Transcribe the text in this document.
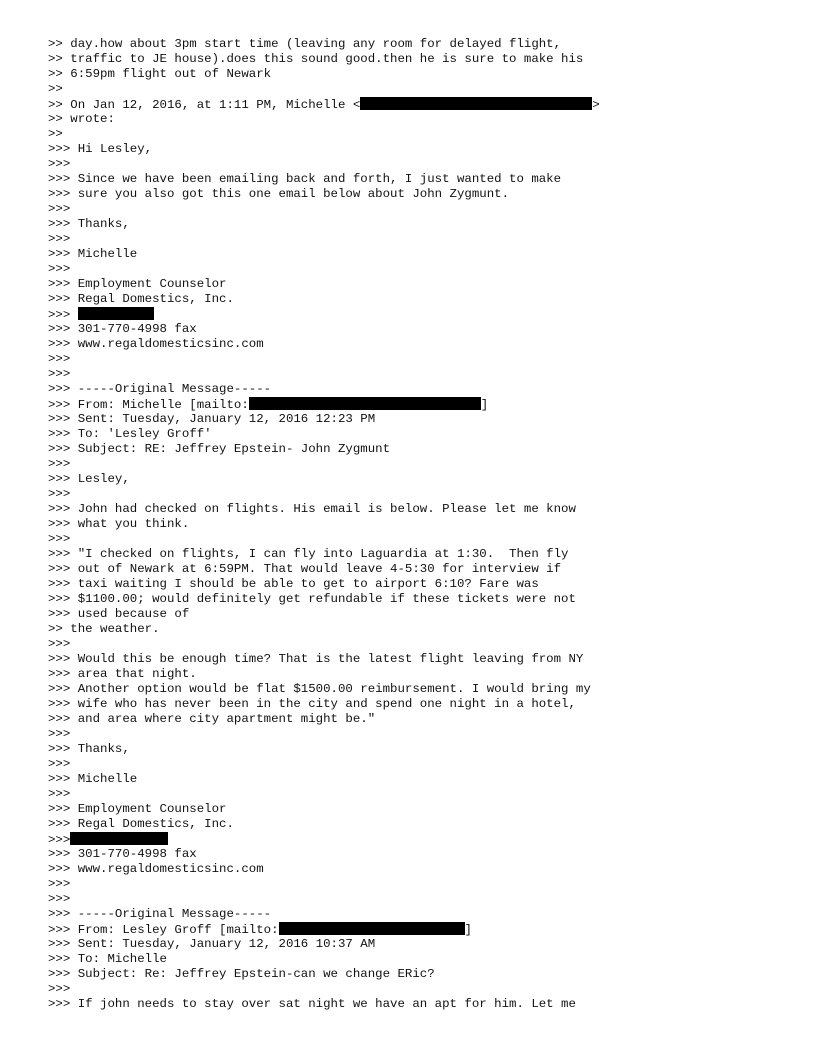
>> day.how about 3pm start time (leaving any room for delayed flight,
>> traffic to JE house).does this sound good.then he is sure to make his
>> 6:59pm flight out of Newark
>>
>> On Jan 12, 2016, at 1:11 PM, Michelle <	>
>> wrote:
>>
>>> Hi Lesley,
>>>
>>> Since we have been emailing back and forth, I just wanted to make
>>> sure you also got this one email below about John Zygmunt.
>>>
>>> Thanks,
>>>
>>> Michelle
>>>
>>> Employment Counselor
>>> Regal Domestics, Inc.
>>>
>>> 301-770-4998 fax
>>> www.regaldomesticsinc.com
>>>
>>>
>>> -----Original Message-----
>>> From: Michelle [mailto:	]
>>> Sent: Tuesday, January 12, 2016 12:23 PM
>>> To: 'Lesley Groff'
>>> Subject: RE: Jeffrey Epstein- John Zygmunt
>>>
>>> Lesley,
>>>
>>> John had checked on flights. His email is below. Please let me know
>>> what you think.
>>>
>>> "I checked on flights, I can fly into Laguardia at 1:30.  Then fly
>>> out of Newark at 6:59PM. That would leave 4-5:30 for interview if
>>> taxi waiting I should be able to get to airport 6:10? Fare was
>>> $1100.00; would definitely get refundable if these tickets were not
>>> used because of
>> the weather.
>>>
>>> Would this be enough time? That is the latest flight leaving from NY
>>> area that night.
>>> Another option would be flat $1500.00 reimbursement. I would bring my
>>> wife who has never been in the city and spend one night in a hotel,
>>> and area where city apartment might be."
>>>
>>> Thanks,
>>>
>>> Michelle
>>>
>>> Employment Counselor
>>> Regal Domestics, Inc.
>>>
>>> 301-770-4998 fax
>>> www.regaldomesticsinc.com
>>>
>>>
>>> -----Original Message-----
>>> From: Lesley Groff [mailto:	]
>>> Sent: Tuesday, January 12, 2016 10:37 AM
>>> To: Michelle
>>> Subject: Re: Jeffrey Epstein-can we change ERic?
>>>
>>> If john needs to stay over sat night we have an apt for him. Let me
